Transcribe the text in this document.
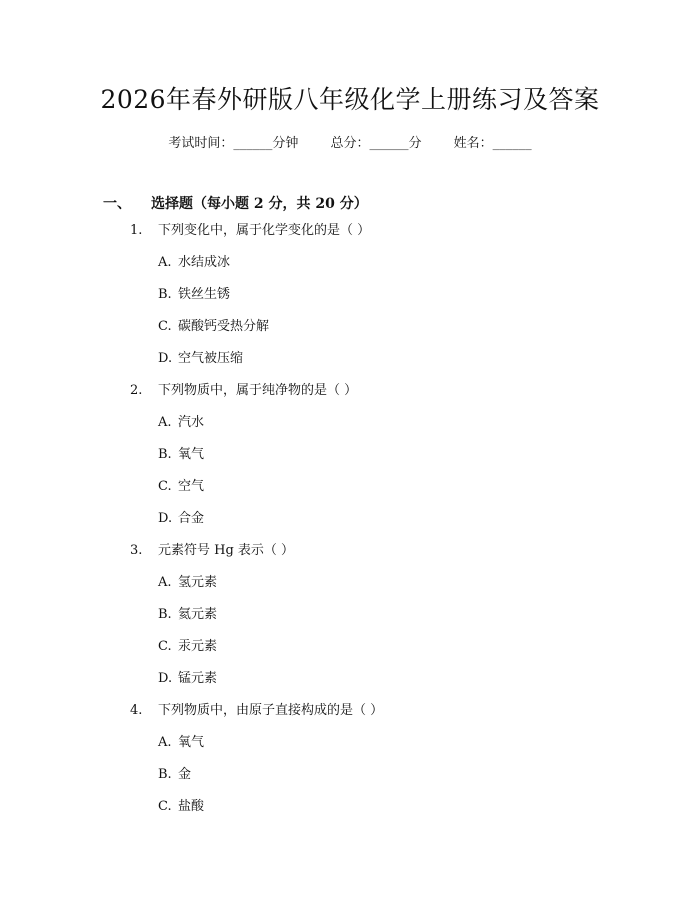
2026年春外研版八年级化学上册练习及答案
考试时间：______分钟 总分：______分 姓名：______
一、 选择题（每小题 2 分，共 20 分）
1. 下列变化中，属于化学变化的是（ ）
A. 水结成冰
B. 铁丝生锈
C. 碳酸钙受热分解
D. 空气被压缩
2. 下列物质中，属于纯净物的是（ ）
A. 汽水
B. 氧气
C. 空气
D. 合金
3. 元素符号 Hg 表示（ ）
A. 氢元素
B. 氦元素
C. 汞元素
D. 锰元素
4. 下列物质中，由原子直接构成的是（ ）
A. 氧气
B. 金
C. 盐酸
